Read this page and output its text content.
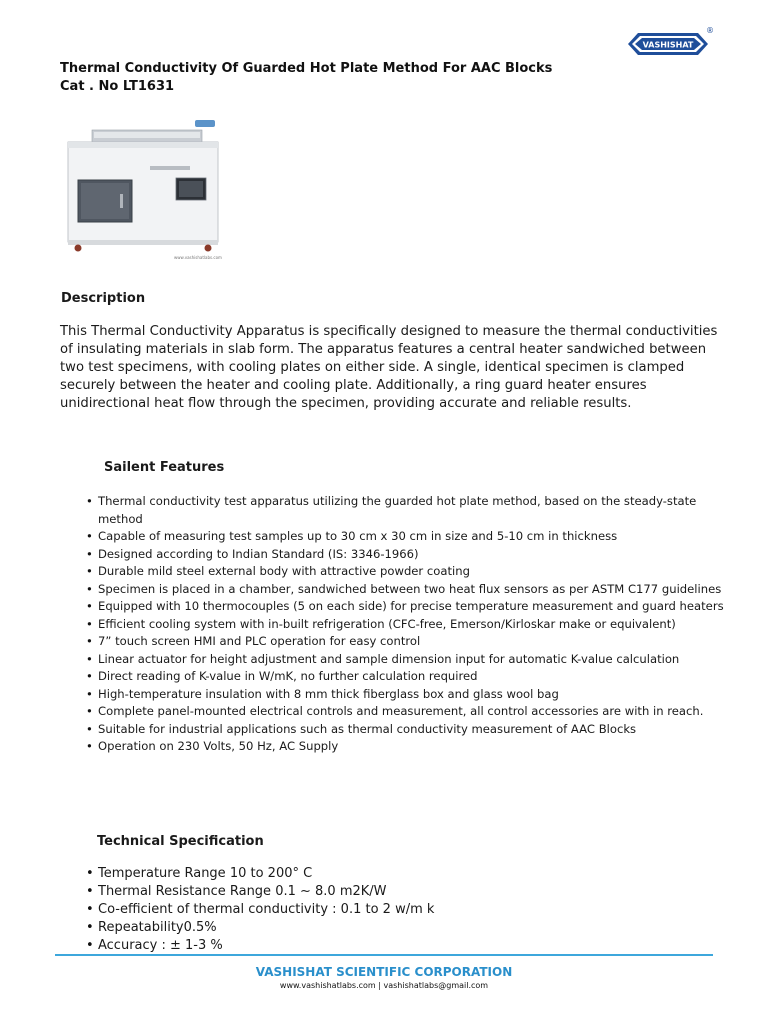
VASHISHAT
®
Thermal Conductivity Of Guarded Hot Plate Method For AAC Blocks
Cat . No LT1631
www.vashishatlabs.com
Description

This Thermal Conductivity Apparatus is specifically designed to measure the thermal conductivities of insulating materials in slab form. The apparatus features a central heater sandwiched between two test specimens, with cooling plates on either side. A single, identical specimen is clamped securely between the heater and cooling plate. Additionally, a ring guard heater ensures unidirectional heat flow through the specimen, providing accurate and reliable results.

Sailent Features
• Thermal conductivity test apparatus utilizing the guarded hot plate method, based on the steady-state method
• Capable of measuring test samples up to 30 cm x 30 cm in size and 5-10 cm in thickness
• Designed according to Indian Standard (IS: 3346-1966)
• Durable mild steel external body with attractive powder coating
• Specimen is placed in a chamber, sandwiched between two heat flux sensors as per ASTM C177 guidelines
• Equipped with 10 thermocouples (5 on each side) for precise temperature measurement and guard heaters
• Efficient cooling system with in-built refrigeration (CFC-free, Emerson/Kirloskar make or equivalent)
• 7” touch screen HMI and PLC operation for easy control
• Linear actuator for height adjustment and sample dimension input for automatic K-value calculation
• Direct reading of K-value in W/mK, no further calculation required
• High-temperature insulation with 8 mm thick fiberglass box and glass wool bag
• Complete panel-mounted electrical controls and measurement, all control accessories are with in reach.
• Suitable for industrial applications such as thermal conductivity measurement of AAC Blocks
• Operation on 230 Volts, 50 Hz, AC Supply
Technical Specification
• Temperature Range 10 to 200° C
• Thermal Resistance Range 0.1 ~ 8.0 m2K/W
• Co-efficient of thermal conductivity : 0.1 to 2 w/m k
• Repeatability0.5%
• Accuracy : ± 1-3 %
VASHISHAT SCIENTIFIC CORPORATION
www.vashishatlabs.com | vashishatlabs@gmail.com
